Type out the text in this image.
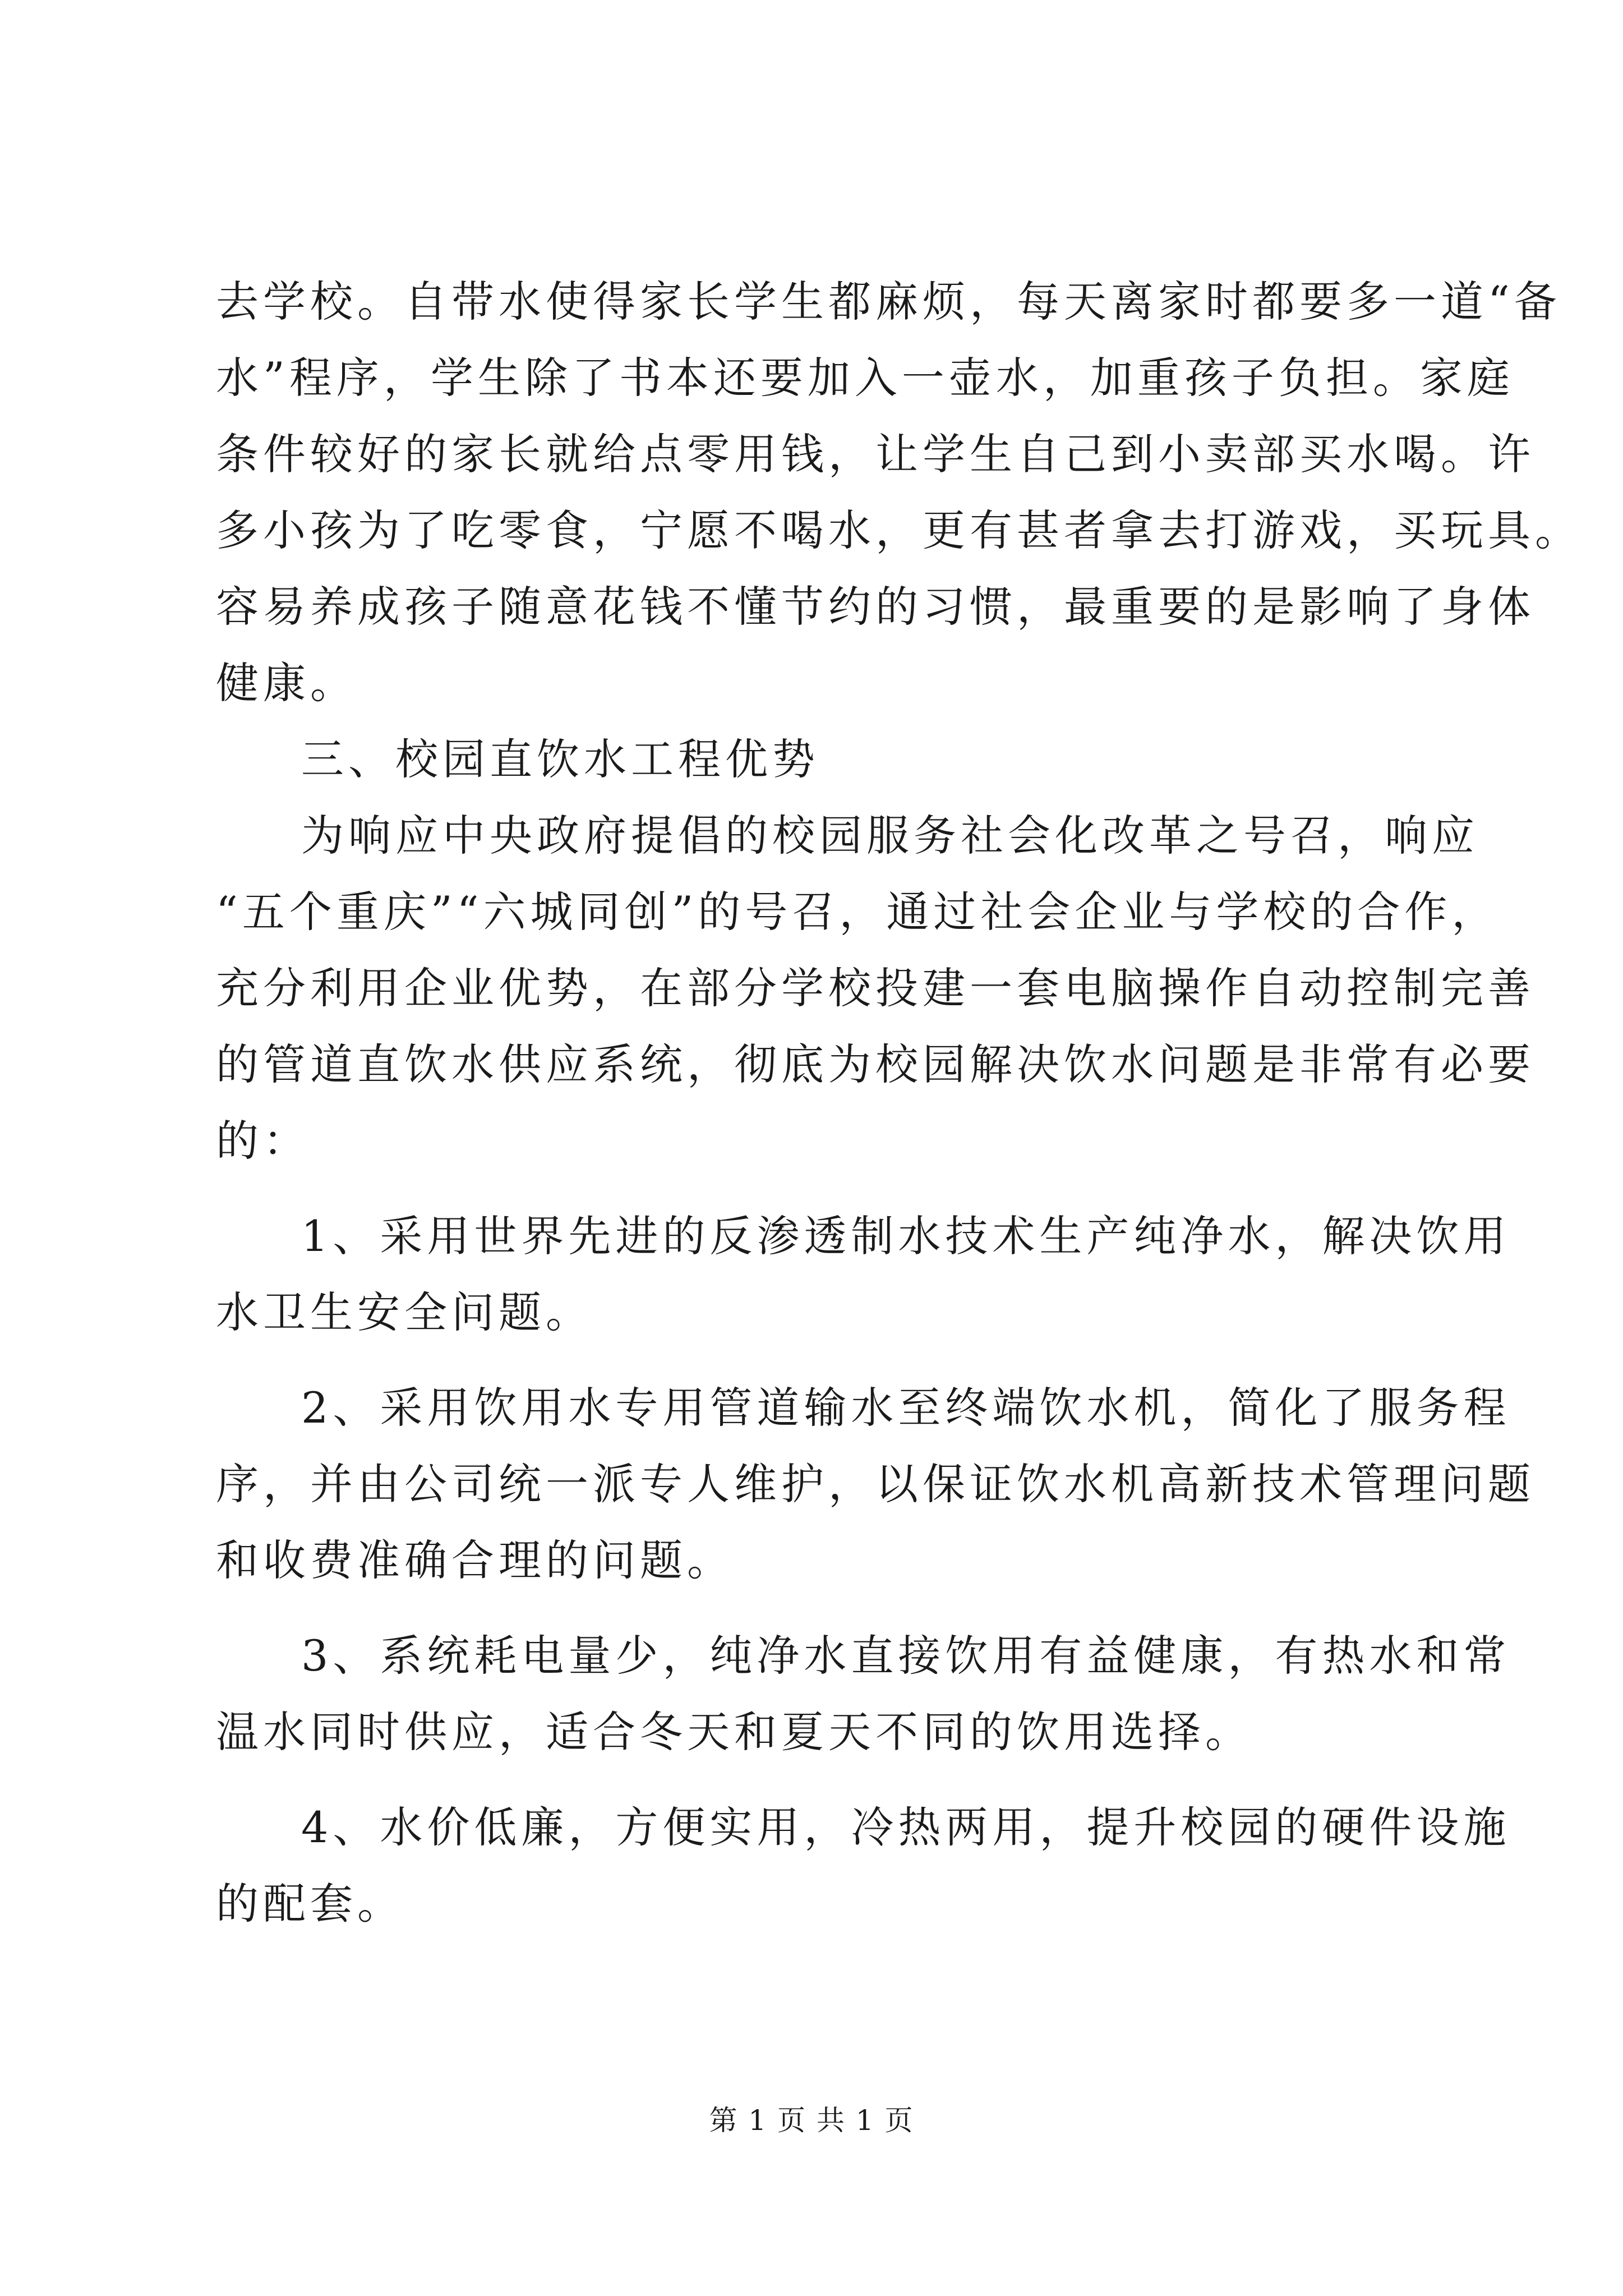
去学校。自带水使得家长学生都麻烦，每天离家时都要多一道“备
水”程序，学生除了书本还要加入一壶水，加重孩子负担。家庭
条件较好的家长就给点零用钱，让学生自己到小卖部买水喝。许
多小孩为了吃零食，宁愿不喝水，更有甚者拿去打游戏，买玩具。
容易养成孩子随意花钱不懂节约的习惯，最重要的是影响了身体
健康。
三、校园直饮水工程优势
为响应中央政府提倡的校园服务社会化改革之号召，响应
“五个重庆”“六城同创”的号召，通过社会企业与学校的合作，
充分利用企业优势，在部分学校投建一套电脑操作自动控制完善
的管道直饮水供应系统，彻底为校园解决饮水问题是非常有必要
的：
1、采用世界先进的反渗透制水技术生产纯净水，解决饮用
水卫生安全问题。
2、采用饮用水专用管道输水至终端饮水机，简化了服务程
序，并由公司统一派专人维护，以保证饮水机高新技术管理问题
和收费准确合理的问题。
3、系统耗电量少，纯净水直接饮用有益健康，有热水和常
温水同时供应，适合冬天和夏天不同的饮用选择。
4、水价低廉，方便实用，冷热两用，提升校园的硬件设施
的配套。
第 1 页 共 1 页
